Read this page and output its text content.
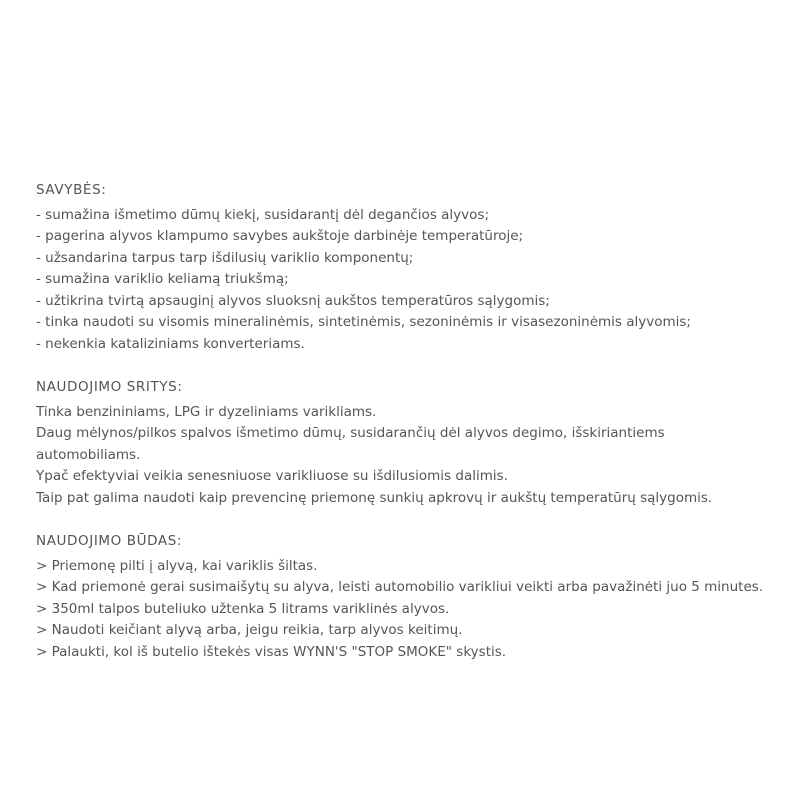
SAVYBĖS:

- sumažina išmetimo dūmų kiekį, susidarantį dėl degančios alyvos;

- pagerina alyvos klampumo savybes aukštoje darbinėje temperatūroje;

- užsandarina tarpus tarp išdilusių variklio komponentų;

- sumažina variklio keliamą triukšmą;

- užtikrina tvirtą apsauginį alyvos sluoksnį aukštos temperatūros sąlygomis;

- tinka naudoti su visomis mineralinėmis, sintetinėmis, sezoninėmis ir visasezoninėmis alyvomis;

- nekenkia kataliziniams konverteriams.

NAUDOJIMO SRITYS:

Tinka benzininiams, LPG ir dyzeliniams varikliams.

Daug mėlynos/pilkos spalvos išmetimo dūmų, susidarančių dėl alyvos degimo, išskiriantiems automobiliams.

Ypač efektyviai veikia senesniuose varikliuose su išdilusiomis dalimis.

Taip pat galima naudoti kaip prevencinę priemonę sunkių apkrovų ir aukštų temperatūrų sąlygomis.

NAUDOJIMO BŪDAS:

> Priemonę pilti į alyvą, kai variklis šiltas.

> Kad priemonė gerai susimaišytų su alyva, leisti automobilio varikliui veikti arba pavažinėti juo 5 minutes.

> 350ml talpos buteliuko užtenka 5 litrams variklinės alyvos.

> Naudoti keičiant alyvą arba, jeigu reikia, tarp alyvos keitimų.

> Palaukti, kol iš butelio ištekės visas WYNN'S "STOP SMOKE" skystis.
